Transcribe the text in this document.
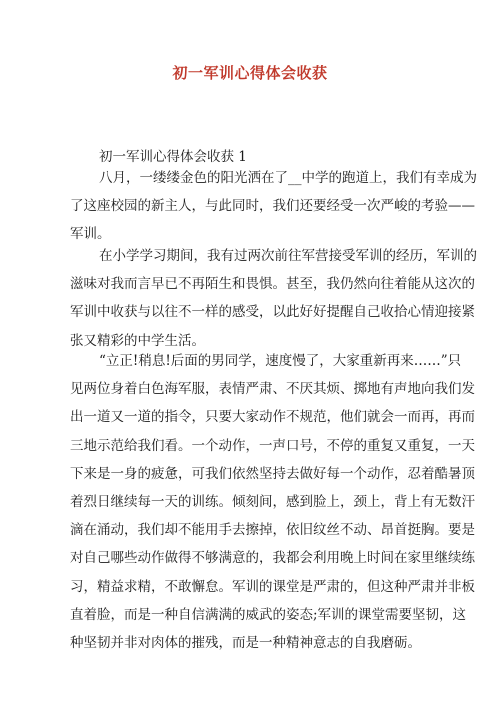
初一军训心得体会收获
初一军训心得体会收获 1
八月，一缕缕金色的阳光洒在了__中学的跑道上，我们有幸成为
了这座校园的新主人，与此同时，我们还要经受一次严峻的考验——
军训。
在小学学习期间，我有过两次前往军营接受军训的经历，军训的
滋味对我而言早已不再陌生和畏惧。甚至，我仍然向往着能从这次的
军训中收获与以往不一样的感受，以此好好提醒自己收拾心情迎接紧
张又精彩的中学生活。
“立正!稍息!后面的男同学，速度慢了，大家重新再来……”只
见两位身着白色海军服，表情严肃、不厌其烦、掷地有声地向我们发
出一道又一道的指令，只要大家动作不规范，他们就会一而再，再而
三地示范给我们看。一个动作，一声口号，不停的重复又重复，一天
下来是一身的疲惫，可我们依然坚持去做好每一个动作，忍着酷暑顶
着烈日继续每一天的训练。倾刻间，感到脸上，颈上，背上有无数汗
滴在涌动，我们却不能用手去擦掉，依旧纹丝不动、昂首挺胸。要是
对自己哪些动作做得不够满意的，我都会利用晚上时间在家里继续练
习，精益求精，不敢懈怠。军训的课堂是严肃的，但这种严肃并非板
直着脸，而是一种自信满满的威武的姿态;军训的课堂需要坚韧，这
种坚韧并非对肉体的摧残，而是一种精神意志的自我磨砺。
